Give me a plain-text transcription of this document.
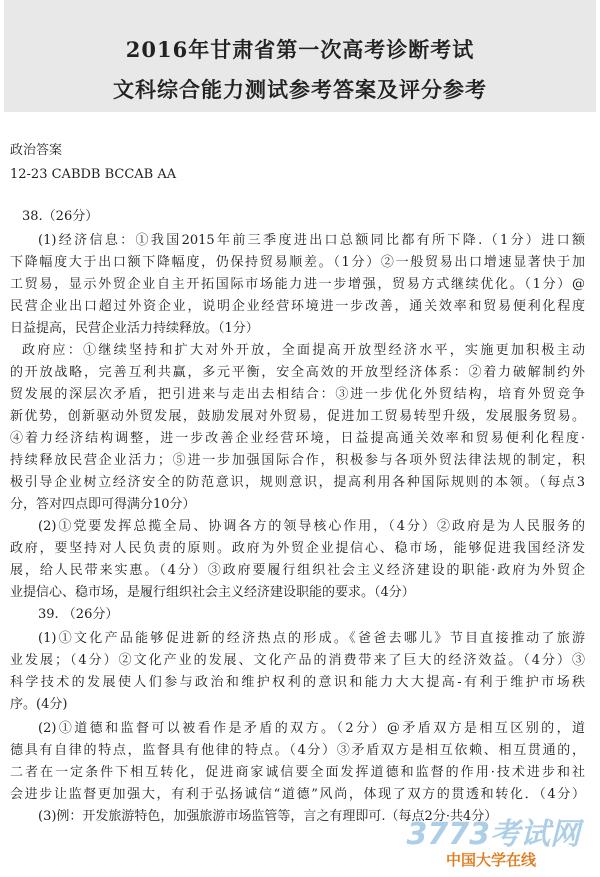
2016年甘肃省第一次高考诊断考试
文科综合能力测试参考答案及评分参考
政治答案
12-23 CABDB BCCAB AA
38.（26分）
(1)经济信息：①我国2015年前三季度进出口总额同比都有所下降.（1分）进口额
下降幅度大于出口额下降幅度，仍保持贸易顺差。（1分）②一般贸易出口增速显著快于加
工贸易，显示外贸企业自主开拓国际市场能力进一步增强，贸易方式继续优化。（1分）@
民营企业出口超过外资企业，说明企业经营环境进一步改善，通关效率和贸易便利化程度
日益提高，民营企业活力持续释放。（1分）
政府应：①继续坚持和扩大对外开放，全面提高开放型经济水平，实施更加积极主动
的开放战略，完善互利共赢，多元平衡，安全高效的开放型经济体系：②着力破解制约外
贸发展的深层次矛盾，把引进来与走出去相结合：③进一步优化外贸结构，培育外贸竞争
新优势，创新驱动外贸发展，鼓励发展对外贸易，促进加工贸易转型升级，发展服务贸易。
④着力经济结构调整，进一步改善企业经营环境，日益提高通关效率和贸易便利化程度·
持续释放民营企业活力；⑤进一步加强国际合作，积极参与各项外贸法律法规的制定，积
极引导企业树立经济安全的防范意识，规则意识，提高利用各种国际规则的本领。（每点3
分，答对四点即可得满分10分）
(2)①党要发挥总揽全局、协调各方的领导核心作用，（4分）②政府是为人民服务的
政府，要坚持对人民负责的原则。政府为外贸企业提信心、稳市场，能够促进我国经济发
展，给人民带来实惠。（4分）③政府要履行组织社会主义经济建设的职能·政府为外贸企
业提信心、稳市场，是履行组织社会主义经济建设职能的要求。（4分）
39. （26分）
(1)①文化产品能够促进新的经济热点的形成。《爸爸去哪儿》节目直接推动了旅游
业发展；（4分）②文化产业的发展、文化产品的消费带来了巨大的经济效益。（4分）③
科学技术的发展使人们参与政治和维护权利的意识和能力大大提高-有利于维护市场秩
序。(4分)
(2)①道德和监督可以被看作是矛盾的双方。（2分）@矛盾双方是相互区别的，道
德具有自律的特点，监督具有他律的特点。（4分）③矛盾双方是相互依赖、相互贯通的，
二者在一定条件下相互转化，促进商家诚信要全面发挥道德和监督的作用·技术进步和社
会进步让监督更加强大，有利于弘扬诚信“道德”风尚，体现了双方的贯透和转化．（4分）
(3)例：开发旅游特色，加强旅游市场监管等，言之有理即可.（每点2分·共4分）
3773考试网
中国大学在线
